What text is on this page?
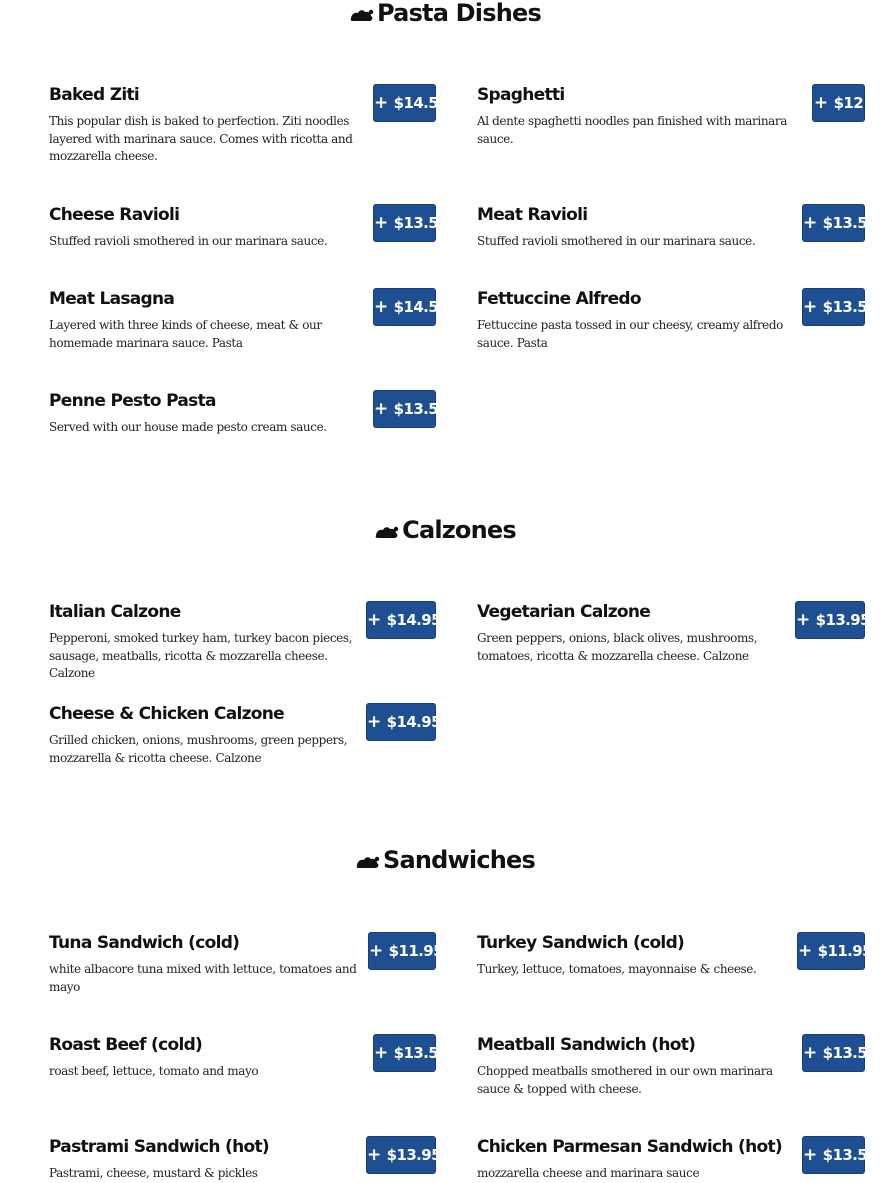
Pasta Dishes
Baked Ziti
This popular dish is baked to perfection. Ziti noodles layered with marinara sauce. Comes with ricotta and mozzarella cheese.
+ $14.5 Spaghetti
Al dente spaghetti noodles pan finished with marinara sauce.
+ $12
Cheese Ravioli
Stuffed ravioli smothered in our marinara sauce.
+ $13.5 Meat Ravioli
Stuffed ravioli smothered in our marinara sauce.
+ $13.5
Meat Lasagna
Layered with three kinds of cheese, meat & our homemade marinara sauce. Pasta
+ $14.5 Fettuccine Alfredo
Fettuccine pasta tossed in our cheesy, creamy alfredo sauce. Pasta
+ $13.5
Penne Pesto Pasta
Served with our house made pesto cream sauce.
+ $13.5
Calzones
Italian Calzone
Pepperoni, smoked turkey ham, turkey bacon pieces, sausage, meatballs, ricotta & mozzarella cheese. Calzone
+ $14.95 Vegetarian Calzone
Green peppers, onions, black olives, mushrooms, tomatoes, ricotta & mozzarella cheese. Calzone
+ $13.95
Cheese & Chicken Calzone
Grilled chicken, onions, mushrooms, green peppers, mozzarella & ricotta cheese. Calzone
+ $14.95
Sandwiches
Tuna Sandwich (cold)
white albacore tuna mixed with lettuce, tomatoes and mayo
+ $11.95 Turkey Sandwich (cold)
Turkey, lettuce, tomatoes, mayonnaise & cheese.
+ $11.95
Roast Beef (cold)
roast beef, lettuce, tomato and mayo
+ $13.5 Meatball Sandwich (hot)
Chopped meatballs smothered in our own marinara sauce & topped with cheese.
+ $13.5
Pastrami Sandwich (hot)
Pastrami, cheese, mustard & pickles
+ $13.95 Chicken Parmesan Sandwich (hot)
mozzarella cheese and marinara sauce
+ $13.5
